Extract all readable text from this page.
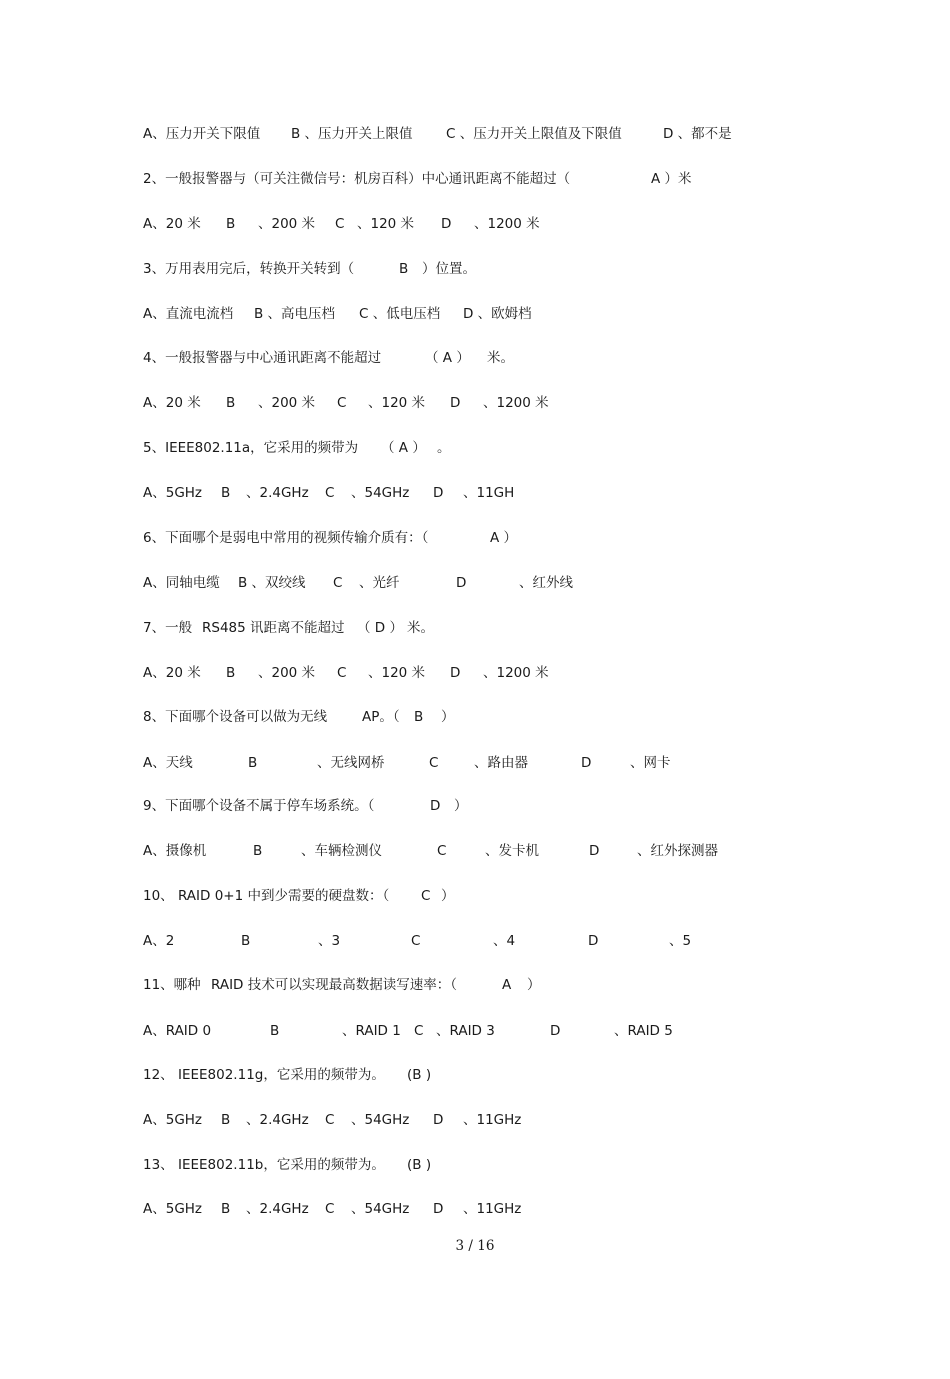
A、压力开关下限值

B 、压力开关上限值

C 、压力开关上限值及下限值

	D 、都不是

2、一般报警器与（可关注微信号：机房百科）中心通讯距离不能超过（

	A ）米

A、20 米

B

、200 米

C

、120 米

D

、1200 米

3、万用表用完后，转换开关转到（

	B

）位置。

A、直流电流档

B 、高电压档

C 、低电压档

D 、欧姆档

4、一般报警器与中心通讯距离不能超过

	（ A ）

米。

A、20 米

B

、200 米

C

、120 米

D

、1200 米

5、IEEE802.11a，它采用的频带为

（ A ）

。

A、5GHz

B

、2.4GHz

C

、54GHz

D

、11GH

6、下面哪个是弱电中常用的视频传输介质有：（

	A ）

A、同轴电缆

B 、双绞线

C

、光纤

	D

	、红外线

7、一般

RS485 讯距离不能超过

（ D ）

米。

A、20 米

B

、200 米

C

、120 米

D

、1200 米

8、下面哪个设备可以做为无线

	AP。（

B

）

A、天线

	B

	、无线网桥

	C

	、路由器

	D

	、网卡

9、下面哪个设备不属于停车场系统。（

	D

）

A、摄像机

	B

	、车辆检测仪

	C

	、发卡机

	D

	、红外探测器

10、 RAID 0+1 中到少需要的硬盘数：（

C

）

A、2

	B

	、3

	C

	、4

	D

	、5

11、哪种

RAID 技术可以实现最高数据读写速率：（

	A

）

A、RAID 0

	B

	、RAID 1

C

、RAID 3

	D

	、RAID 5

12、 IEEE802.11g，它采用的频带为。

(B )

A、5GHz

B

、2.4GHz

C

、54GHz

D

、11GHz

13、 IEEE802.11b，它采用的频带为。

(B )

A、5GHz

B

、2.4GHz

C

、54GHz

D

、11GHz

3 / 16
